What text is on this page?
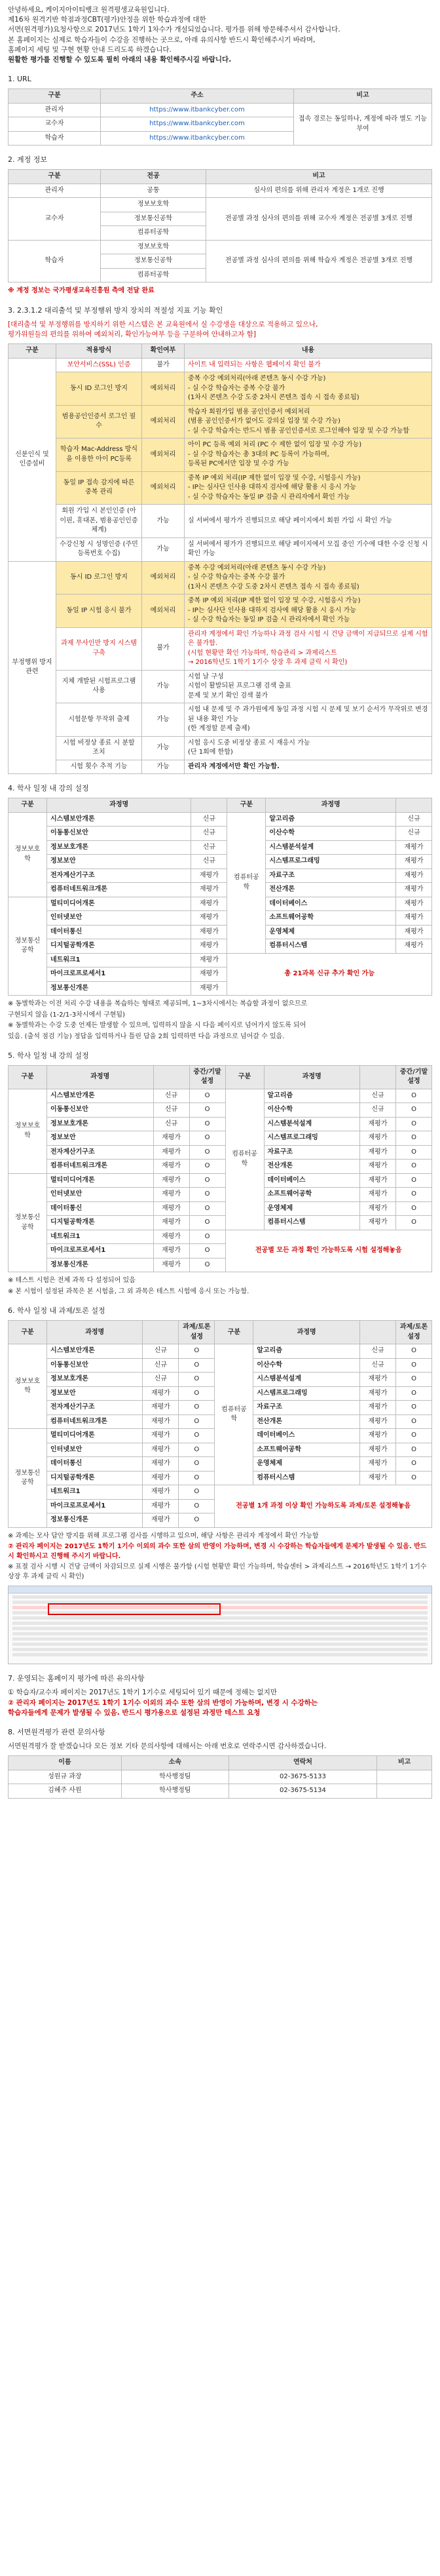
안녕하세요, 케이지아이티뱅크 원격평생교육원입니다.

제16차 원격기반 학점과정CBT(평가)안정을 위한 학습과정에 대한

서면(원격평가)요청사항으로 2017년도 1학기 1차수가 개설되었습니다. 평가를 위해 방문해주셔서 감사합니다.

본 홈페이지는 실제로 학습자들이 수강을 진행하는 곳으로, 아래 유의사항 반드시 확인해주시기 바라며,

홈페이지 세팅 및 구현 현황 안내 드리도록 하겠습니다.

원활한 평가를 진행할 수 있도록 필히 아래의 내용 확인해주시길 바랍니다.

1. URL
구분	주소	비고
관리자	https://www.itbankcyber.com	접속 경로는 동일하나, 계정에 따라 별도 기능 부여
교수자	https://www.itbankcyber.com	
학습자	https://www.itbankcyber.com	
2. 계정 정보
구분	전공	비고
관리자	공통	심사의 편의를 위해 관리자 계정은 1개로 진행
교수자	정보보호학	전공별 과정 심사의 편의를 위해 교수자 계정은 전공별 3개로 진행
	정보통신공학	
	컴퓨터공학	
학습자	정보보호학	전공별 과정 심사의 편의를 위해 학습자 계정은 전공별 3개로 진행
	정보통신공학	
	컴퓨터공학	

※ 계정 정보는 국가평생교육진흥원 측에 전달 완료

3. 2.3.1.2 대리출석 및 부정행위 방지 장치의 적절성 지표 기능 확인

[대리출석 및 부정행위를 방지하기 위한 시스템은 본 교육원에서 실 수강생을 대상으로 적용하고 있으나,

평가위원들의 편의를 위하여 예외처리, 확인가능여부 등을 구분하여 안내하고자 함]

구분	적용방식	확인여부	내용
신분인식 및 인증설비	보안서비스(SSL) 인증	불가	사이트 내 입력되는 사항은 웹페이지 확인 불가
	동시 ID 로그인 방지	예외처리	중복 수강 예외처리(아래 콘텐츠 동시 수강 가능)
- 실 수강 학습자는 중복 수강 불가
(1차시 콘텐츠 수강 도중 2차시 콘텐츠 접속 시 접속 종료됨)
	범용공인인증서 로그인 필수	예외처리	학습자 회원가입 범용 공인인증서 예외처리
(범용 공인인증서가 없어도 강의실 입장 및 수강 가능)
- 실 수강 학습자는 반드시 범용 공인인증서로 로그인해야 입장 및 수강 가능함
	학습자 Mac-Address 방식을 이용한 아이 PC등록	예외처리	아이 PC 등록 예외 처리 (PC 수 제한 없이 입장 및 수강 가능)
- 실 수강 학습자는 총 3대의 PC 등록이 가능하며,
등록된 PC에서만 입장 및 수강 가능
	동일 IP 접속 감지에 따른 중복 관리	예외처리	중복 IP 예외 처리(IP 제한 없이 입장 및 수강, 시험응시 가능)
- IP는 심사단 인사용 대하지 검사에 해당 활용 시 응시 가능
- 실 수강 학습자는 동일 IP 검출 시 관리자에서 확인 가능
	회원 가입 시 본인인증 (아이핀, 휴대폰, 범용공인인증 체계)	가능	실 서버에서 평가가 진행되므로 해당 페이지에서 회원 가입 시 확인 가능
	수강신청 시 성명인증 (주민등록번호 수집)	가능	실 서버에서 평가가 진행되므로 해당 페이지에서 모집 중인 기수에 대한 수강 신청 시 확인 가능
부정행위 방지관련	동시 ID 로그인 방지	예외처리	중복 수강 예외처리(아래 콘텐츠 동시 수강 가능)
- 실 수강 학습자는 중복 수강 불가
(1차시 콘텐츠 수강 도중 2차시 콘텐츠 접속 시 접속 종료됨)
	동일 IP 시험 응시 불가	예외처리	중복 IP 예외 처리(IP 제한 없이 입장 및 수강, 시험응시 가능)
- IP는 심사단 인사용 대하지 검사에 해당 활용 시 응시 가능
- 실 수강 학습자는 동일 IP 검출 시 관리자에서 확인 가능
	과제 무사인만 방지 시스템 구축	불가	관리자 계정에서 확인 가능하나 과정 검사 시험 시 건당 금액이 지급되므로 실제 시험은 불가함.
(시험 현황만 확인 가능하며, 학습관리 > 과제리스트
→ 2016학년도 1학기 1기수 상장 후 과제 클릭 시 확인)
	지체 개발된 시험프로그램 사용	가능	시험 날 구성
시험이 활발되된 프로그램 검색 출표
문제 및 보기 확인 검색 불가
	시험문항 무작위 출제	가능	시험 내 문제 및 주 과가원에게 동일 과정 시험 시 문제 및 보기 순서가 무작위로 변경된 내용 확인 가능
(한 계정할 문제 출제)
	시험 비정상 종료 시 분할 조치	가능	시험 응시 도중 비정상 종료 시 재응시 가능
(단 1회에 한함)
	시험 횟수 추적 기능	가능	관리자 계정에서만 확인 가능함.
4. 학사 일정 내 강의 설정
구분	과정명		구분	과정명	
정보보호학	시스템보안개론	신규	컴퓨터공학	알고리즘	신규
	이동통신보안	신규		이산수학	신규
	정보보호개론	신규		시스템분석설계	재평가
	정보보안	신규		시스템프로그래밍	재평가
	전자계산기구조	재평가		자료구조	재평가
	컴퓨터네트워크개론	재평가		전산개론	재평가
정보통신공학	멀티미디어개론	재평가		데이터베이스	재평가
	인터넷보안	재평가		소프트웨어공학	재평가
	데이터통신	재평가		운영체제	재평가
	디지털공학개론	재평가		컴퓨터시스템	재평가
	네트워크1	재평가	총 21과목 신규 추가 확인 가능		
	마이크로프로세서1	재평가			
	정보통신개론	재평가			

※ 동별학과는 이전 처리 수강 내용을 복습하는 형태로 제공되며, 1~3차시에서는 복습할 과정이 없으므로

구현되지 않음 (1-2/1-3차시에서 구현됨)

※ 동별학과는 수강 도중 언제든 발생할 수 있으며, 입력하지 않을 시 다음 페이지로 넘어가지 않도록 되어

있음. (출석 점검 기능) 정답을 입력하거나 틀린 답을 2회 입력하면 다음 과정으로 넘어갈 수 있음.

5. 학사 일정 내 강의 설정
구분	과정명		중간/기말 설정	구분	과정명		중간/기말 설정
정보보호학	시스템보안개론	신규	O	컴퓨터공학	알고리즘	신규	O
	이동통신보안	신규	O		이산수학	신규	O
	정보보호개론	신규	O		시스템분석설계	재평가	O
	정보보안	재평가	O		시스템프로그래밍	재평가	O
	전자계산기구조	재평가	O		자료구조	재평가	O
	컴퓨터네트워크개론	재평가	O		전산개론	재평가	O
정보통신공학	멀티미디어개론	재평가	O		데이터베이스	재평가	O
	인터넷보안	재평가	O		소프트웨어공학	재평가	O
	데이터통신	재평가	O		운영체제	재평가	O
	디지털공학개론	재평가	O		컴퓨터시스템	재평가	O
	네트워크1	재평가	O	전공별 모든 과정 확인 가능하도록 시험 설정해놓음			
	마이크로프로세서1	재평가	O				
	정보통신개론	재평가	O				

※ 테스트 시험은 전체 과목 다 설정되어 있음

※ 본 시험이 설정된 과목은 본 시험을, 그 외 과목은 테스트 시험에 응시 또는 가능함.

6. 학사 일정 내 과제/토론 설정
구분	과정명		과제/토론 설정	구분	과정명		과제/토론 설정
정보보호학	시스템보안개론	신규	O	컴퓨터공학	알고리즘	신규	O
	이동통신보안	신규	O		이산수학	신규	O
	정보보호개론	신규	O		시스템분석설계	재평가	O
	정보보안	재평가	O		시스템프로그래밍	재평가	O
	전자계산기구조	재평가	O		자료구조	재평가	O
	컴퓨터네트워크개론	재평가	O		전산개론	재평가	O
정보통신공학	멀티미디어개론	재평가	O		데이터베이스	재평가	O
	인터넷보안	재평가	O		소프트웨어공학	재평가	O
	데이터통신	재평가	O		운영체제	재평가	O
	디지털공학개론	재평가	O		컴퓨터시스템	재평가	O
	네트워크1	재평가	O	전공별 1개 과정 이상 확인 가능하도록 과제/토론 설정해놓음			
	마이크로프로세서1	재평가	O				
	정보통신개론	재평가	O				

※ 과제는 모사 답안 방지를 위해 프로그램 검사를 시행하고 있으며, 해당 사항은 관리자 계정에서 확인 가능함

② 관리자 페이지는 2017년도 1학기 1기수 이외의 과수 또한 삼의 반영이 가능하며, 변경 시 수강하는 학습자들에게 문제가 발생될 수 있음. 반드시 확인하시고 진행해 주시기 바랍니다.

※ 표절 검사 시행 시 건당 금액이 차감되므로 실제 시행은 불가함 (시험 현황만 확인 가능하며, 학습센터 > 과제리스트 → 2016학년도 1학기 1기수 상장 후 과제 클릭 시 확인)

7. 운영되는 홈페이지 평가에 따른 유의사항

① 학습자/교수자 페이지는 2017년도 1학기 1기수로 세팅되어 있기 때문에 정해는 없지만

② 관리자 페이지는 2017년도 1학기 1기수 이외의 과수 또한 삼의 반영이 가능하며, 변경 시 수강하는

학습자들에게 문제가 발생될 수 있음. 반드시 평가용으로 설정된 과정만 테스트 요청

8. 서면원격평가 관련 문의사항

서면원격평가 잘 받겠습니다 모든 정보 기타 문의사항에 대해서는 아래 번호로 연락주시면 감사하겠습니다.

이름	소속	연락처	비고
성원규 과장	학사행정팀	02-3675-5133	
김혜주 사원	학사행정팀	02-3675-5134	
